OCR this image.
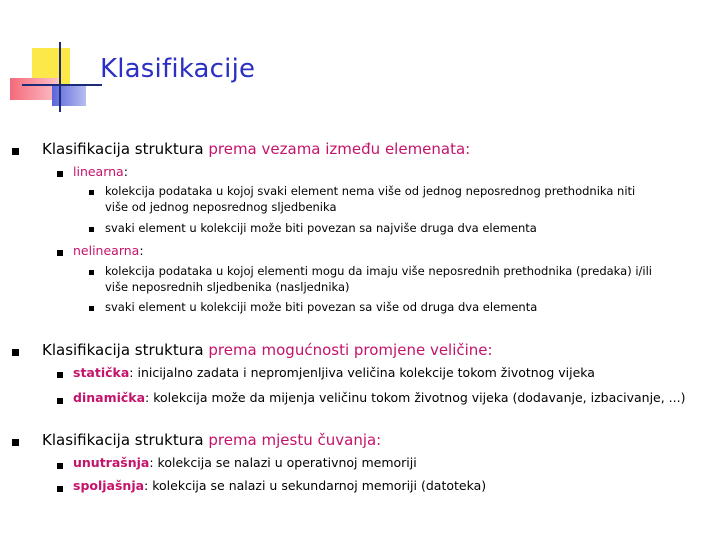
Klasifikacije
Klasifikacija struktura prema vezama između elemenata:
linearna:
kolekcija podataka u kojoj svaki element nema više od jednog neposrednog prethodnika niti
više od jednog neposrednog sljedbenika
svaki element u kolekciji može biti povezan sa najviše druga dva elementa
nelinearna:
kolekcija podataka u kojoj elementi mogu da imaju više neposrednih prethodnika (predaka) i/ili
više neposrednih sljedbenika (nasljednika)
svaki element u kolekciji može biti povezan sa više od druga dva elementa
Klasifikacija struktura prema mogućnosti promjene veličine:
statička: inicijalno zadata i nepromjenljiva veličina kolekcije tokom životnog vijeka
dinamička: kolekcija može da mijenja veličinu tokom životnog vijeka (dodavanje, izbacivanje, ...)
Klasifikacija struktura prema mjestu čuvanja:
unutrašnja: kolekcija se nalazi u operativnoj memoriji
spoljašnja: kolekcija se nalazi u sekundarnoj memoriji (datoteka)
